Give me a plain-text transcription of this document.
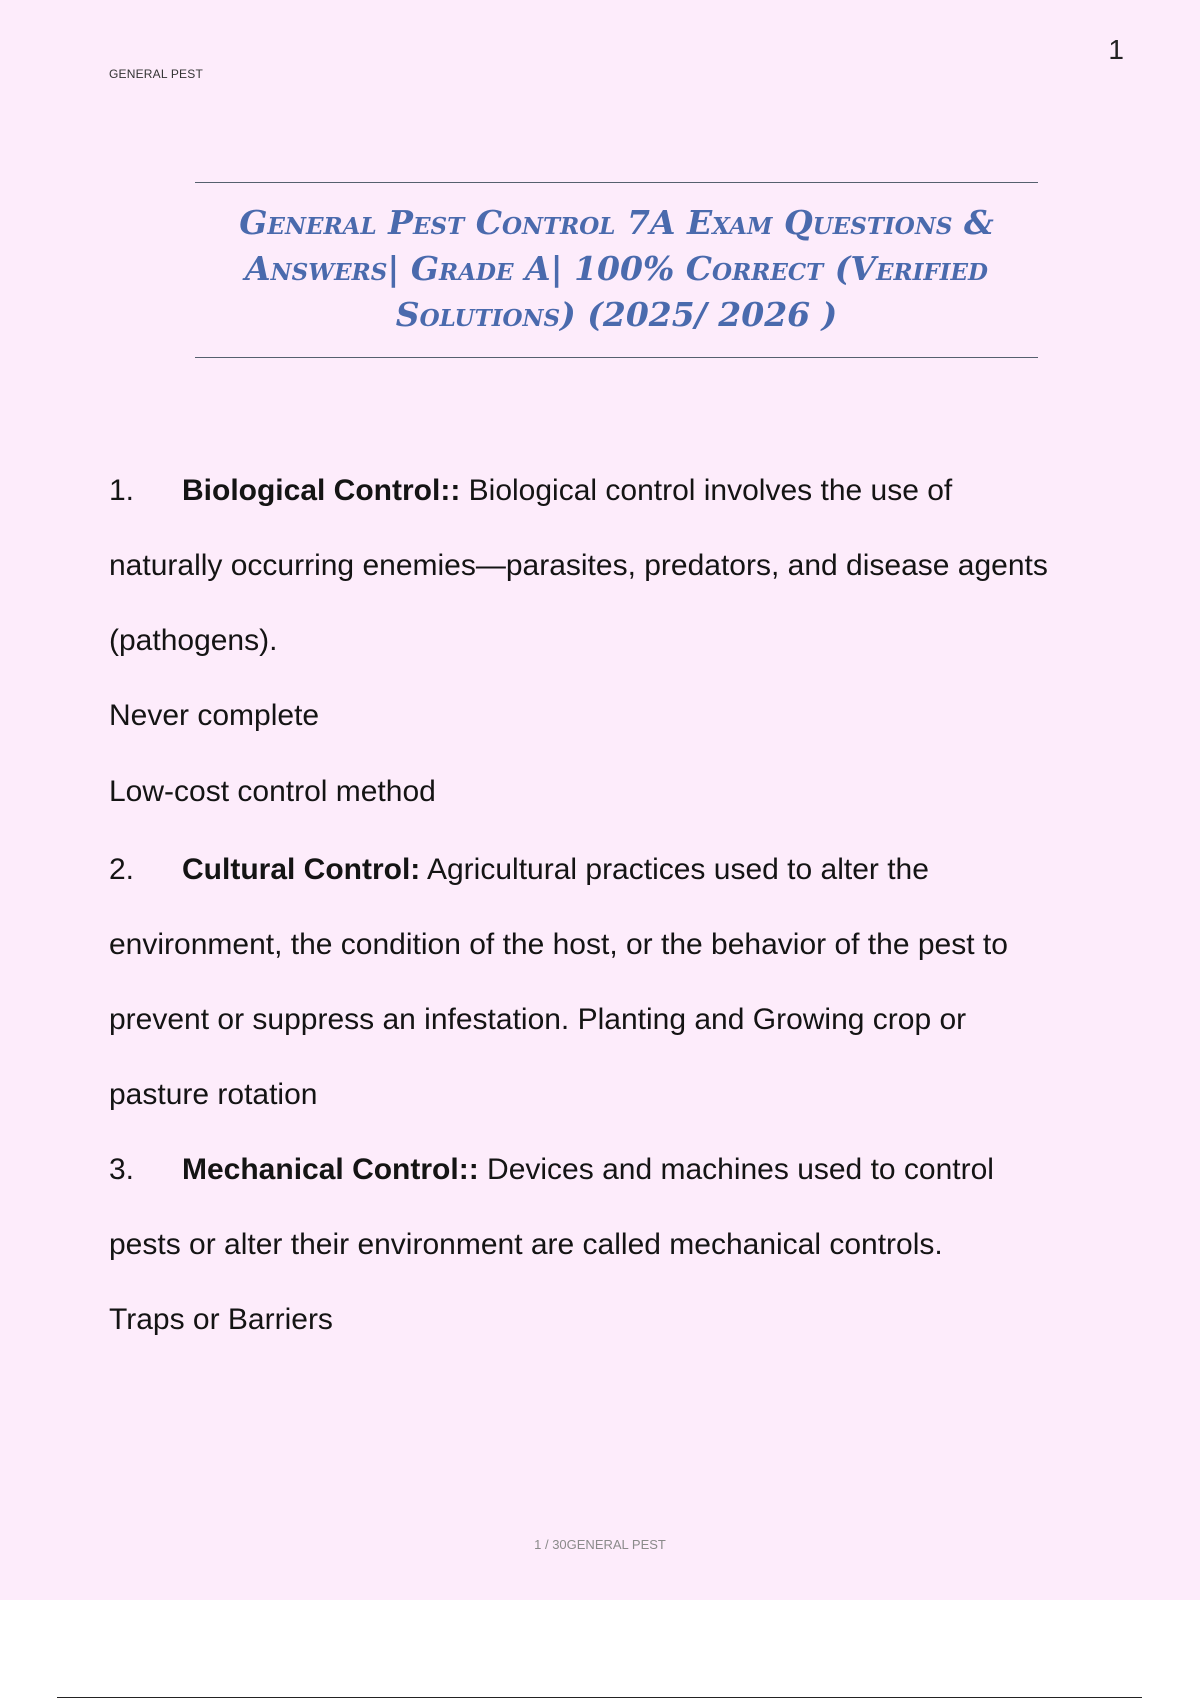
GENERAL PEST
1
General Pest Control 7A Exam Questions &
Answers| Grade A| 100% Correct (Verified
Solutions) (2025/ 2026 )
1. Biological Control:: Biological control involves the use of
naturally occurring enemies—parasites, predators, and disease agents
(pathogens).
Never complete
Low-cost control method
2. Cultural Control: Agricultural practices used to alter the
environment, the condition of the host, or the behavior of the pest to
prevent or suppress an infestation. Planting and Growing crop or
pasture rotation
3. Mechanical Control:: Devices and machines used to control
pests or alter their environment are called mechanical controls.
Traps or Barriers
1 / 30GENERAL PEST
